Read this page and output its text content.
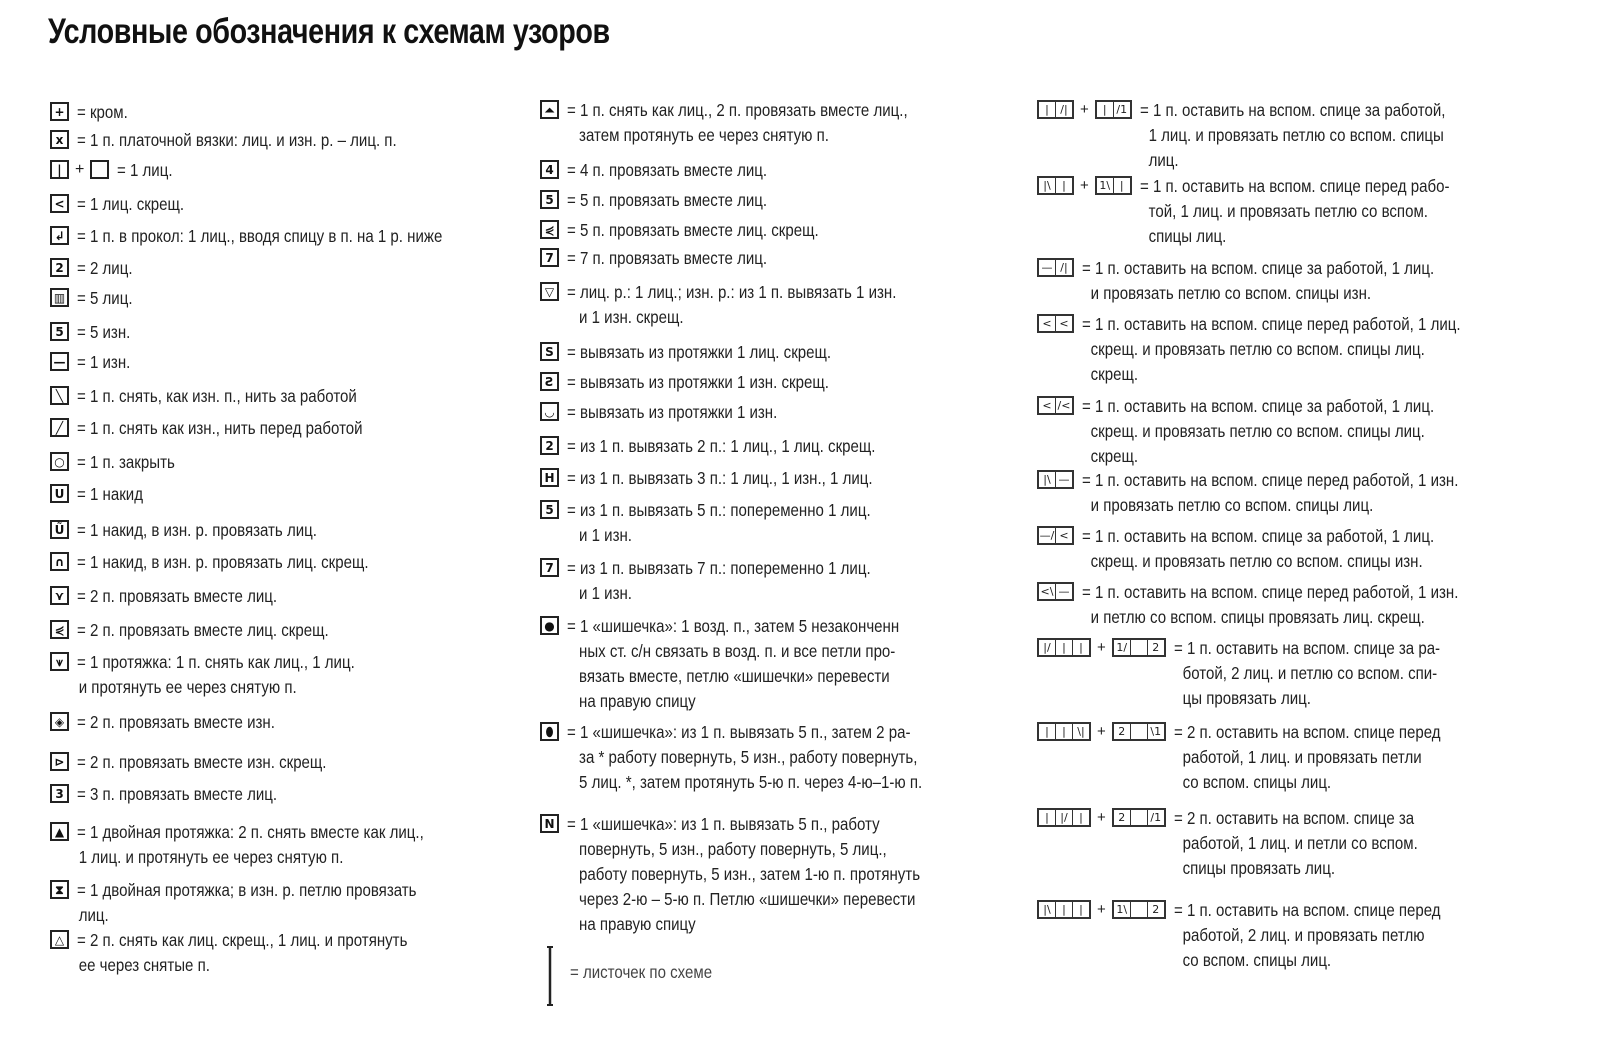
Условные обозначения к схемам узоров
+ = кром.
x = 1 п. платочной вязки: лиц. и изн. р. – лиц. п.
| + = 1 лиц.
< = 1 лиц. скрещ.
↲ = 1 п. в прокол: 1 лиц., вводя спицу в п. на 1 р. ниже
2 = 2 лиц.
▥ = 5 лиц.
5 = 5 изн.
— = 1 изн.
╲ = 1 п. снять, как изн. п., нить за работой
╱ = 1 п. снять как изн., нить перед работой
○ = 1 п. закрыть
U = 1 накид
Ũ = 1 накид, в изн. р. провязать лиц.
∩ = 1 накид, в изн. р. провязать лиц. скрещ.
⋎ = 2 п. провязать вместе лиц.
⋞ = 2 п. провязать вместе лиц. скрещ.
⩛ = 1 протяжка: 1 п. снять как лиц., 1 лиц.
и протянуть ее через снятую п.
◈ = 2 п. провязать вместе изн.
⊳ = 2 п. провязать вместе изн. скрещ.
3 = 3 п. провязать вместе лиц.
▲ = 1 двойная протяжка: 2 п. снять вместе как лиц.,
1 лиц. и протянуть ее через снятую п.
⧗ = 1 двойная протяжка; в изн. р. петлю провязать
лиц.
△ = 2 п. снять как лиц. скрещ., 1 лиц. и протянуть
ее через снятые п.
⏶ = 1 п. снять как лиц., 2 п. провязать вместе лиц.,
затем протянуть ее через снятую п.
4 = 4 п. провязать вместе лиц.
5 = 5 п. провязать вместе лиц.
⋞ = 5 п. провязать вместе лиц. скрещ.
7 = 7 п. провязать вместе лиц.
▽ = лиц. р.: 1 лиц.; изн. р.: из 1 п. вывязать 1 изн.
и 1 изн. скрещ.
S = вывязать из протяжки 1 лиц. скрещ.
Ƨ = вывязать из протяжки 1 изн. скрещ.
◡ = вывязать из протяжки 1 изн.
2 = из 1 п. вывязать 2 п.: 1 лиц., 1 лиц. скрещ.
H = из 1 п. вывязать 3 п.: 1 лиц., 1 изн., 1 лиц.
5 = из 1 п. вывязать 5 п.: попеременно 1 лиц.
и 1 изн.
7 = из 1 п. вывязать 7 п.: попеременно 1 лиц.
и 1 изн.
● = 1 «шишечка»: 1 возд. п., затем 5 незаконченн
ных ст. с/н связать в возд. п. и все петли про-
вязать вместе, петлю «шишечки» перевести
на правую спицу
⬮ = 1 «шишечка»: из 1 п. вывязать 5 п., затем 2 ра-
за * работу повернуть, 5 изн., работу повернуть,
5 лиц. *, затем протянуть 5-ю п. через 4-ю–1-ю п.
N = 1 «шишечка»: из 1 п. вывязать 5 п., работу
повернуть, 5 изн., работу повернуть, 5 лиц.,
работу повернуть, 5 изн., затем 1-ю п. протянуть
через 2-ю – 5-ю п. Петлю «шишечки» перевести
на правую спицу
= листочек по схеме
|	/| +	| /1 = 1 п. оставить на вспом. спице за работой,
1 лиц. и провязать петлю со вспом. спицы
лиц.
|\	| + 1\ | = 1 п. оставить на вспом. спице перед рабо-
той, 1 лиц. и провязать петлю со вспом.
спицы лиц.
— /| = 1 п. оставить на вспом. спице за работой, 1 лиц.
и провязать петлю со вспом. спицы изн.
< < = 1 п. оставить на вспом. спице перед работой, 1 лиц.
скрещ. и провязать петлю со вспом. спицы лиц.
скрещ.
< /< = 1 п. оставить на вспом. спице за работой, 1 лиц.
скрещ. и провязать петлю со вспом. спицы лиц.
скрещ.
|\ — = 1 п. оставить на вспом. спице перед работой, 1 изн.
и провязать петлю со вспом. спицы лиц.
—/ < = 1 п. оставить на вспом. спице за работой, 1 лиц.
скрещ. и провязать петлю со вспом. спицы изн.
<\ — = 1 п. оставить на вспом. спице перед работой, 1 изн.
и петлю со вспом. спицы провязать лиц. скрещ.
|/	|	| + 1/	2 = 1 п. оставить на вспом. спице за ра-
ботой, 2 лиц. и петлю со вспом. спи-
цы провязать лиц.
|	|	\| +	2	\1 = 2 п. оставить на вспом. спице перед
работой, 1 лиц. и провязать петли
со вспом. спицы лиц.
|	|/	| +	2	/1 = 2 п. оставить на вспом. спице за
работой, 1 лиц. и петли со вспом.
спицы провязать лиц.
|\	|	| + 1\	2 = 1 п. оставить на вспом. спице перед
работой, 2 лиц. и провязать петлю
со вспом. спицы лиц.
